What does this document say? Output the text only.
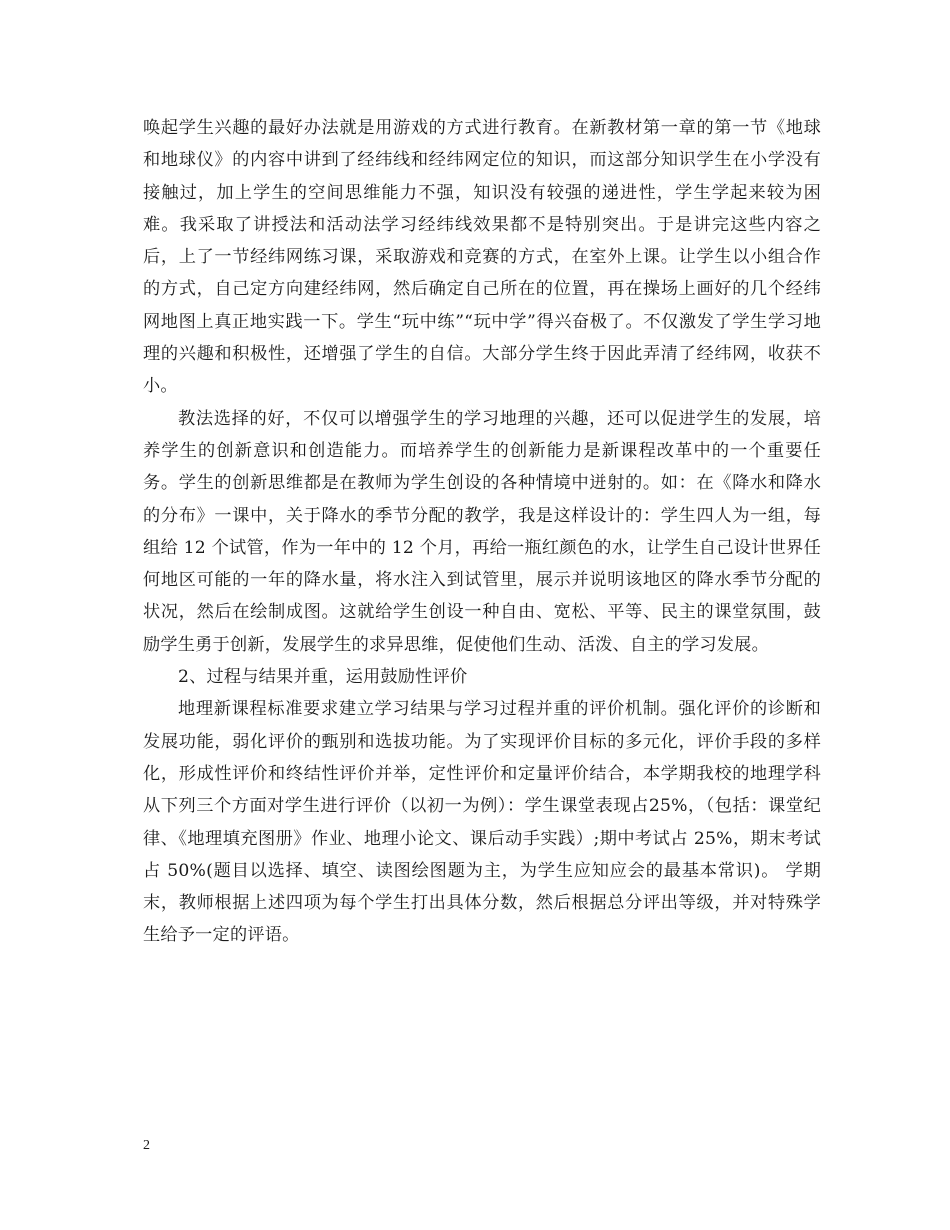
唤起学生兴趣的最好办法就是用游戏的方式进行教育。在新教材第一章的第一节《地球和地球仪》的内容中讲到了经纬线和经纬网定位的知识，而这部分知识学生在小学没有接触过，加上学生的空间思维能力不强，知识没有较强的递进性，学生学起来较为困难。我采取了讲授法和活动法学习经纬线效果都不是特别突出。于是讲完这些内容之后，上了一节经纬网练习课，采取游戏和竞赛的方式，在室外上课。让学生以小组合作的方式，自己定方向建经纬网，然后确定自己所在的位置，再在操场上画好的几个经纬网地图上真正地实践一下。学生“玩中练”“玩中学”得兴奋极了。不仅激发了学生学习地理的兴趣和积极性，还增强了学生的自信。大部分学生终于因此弄清了经纬网，收获不小。

教法选择的好，不仅可以增强学生的学习地理的兴趣，还可以促进学生的发展，培养学生的创新意识和创造能力。而培养学生的创新能力是新课程改革中的一个重要任务。学生的创新思维都是在教师为学生创设的各种情境中迸射的。如：在《降水和降水的分布》一课中，关于降水的季节分配的教学，我是这样设计的：学生四人为一组，每组给 12 个试管，作为一年中的 12 个月，再给一瓶红颜色的水，让学生自己设计世界任何地区可能的一年的降水量，将水注入到试管里，展示并说明该地区的降水季节分配的状况，然后在绘制成图。这就给学生创设一种自由、宽松、平等、民主的课堂氛围，鼓励学生勇于创新，发展学生的求异思维，促使他们生动、活泼、自主的学习发展。

2、过程与结果并重，运用鼓励性评价

地理新课程标准要求建立学习结果与学习过程并重的评价机制。强化评价的诊断和发展功能，弱化评价的甄别和选拔功能。为了实现评价目标的多元化，评价手段的多样化，形成性评价和终结性评价并举，定性评价和定量评价结合，本学期我校的地理学科从下列三个方面对学生进行评价（以初一为例）：学生课堂表现占25%，（包括：课堂纪律、《地理填充图册》作业、地理小论文、课后动手实践）;期中考试占 25%，期末考试占 50%(题目以选择、填空、读图绘图题为主，为学生应知应会的最基本常识)。 学期末，教师根据上述四项为每个学生打出具体分数，然后根据总分评出等级，并对特殊学生给予一定的评语。

2
